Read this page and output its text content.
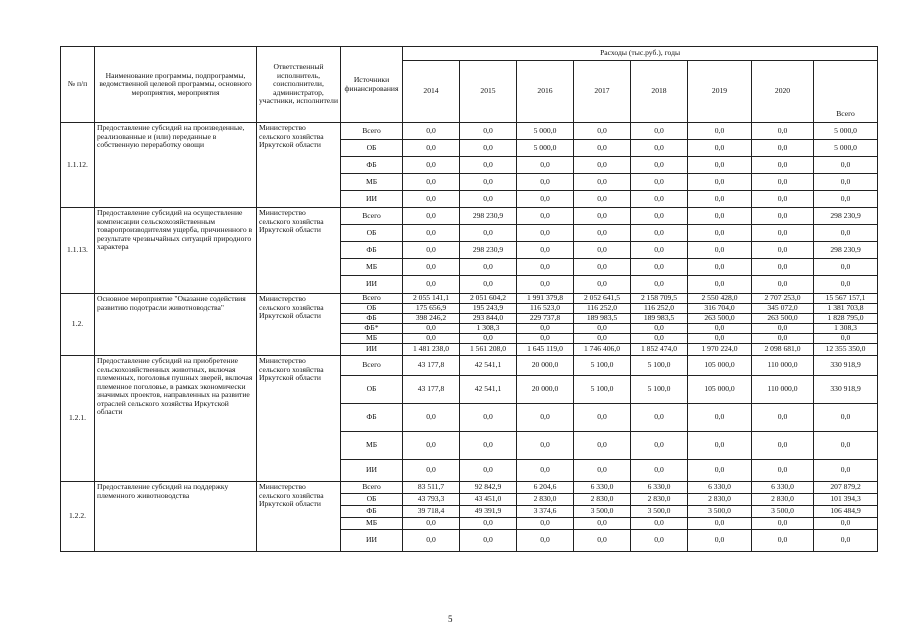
№ п/п	Наименование программы, подпрограммы, ведомственной целевой программы, основного мероприятия, мероприятия	Ответственный исполнитель, соисполнители, администратор, участники, исполнители	Источники финансирования	Расходы (тыс.руб.), годы							
				2014	2015	2016	2017	2018	2019	2020	Всего
1.1.12.	Предоставление субсидий на произведенные, реализованные и (или) переданные в собственную переработку овощи	Министерство сельского хозяйства Иркутской области	Всего	0,0	0,0	5 000,0	0,0	0,0	0,0	0,0	5 000,0
			ОБ	0,0	0,0	5 000,0	0,0	0,0	0,0	0,0	5 000,0
			ФБ	0,0	0,0	0,0	0,0	0,0	0,0	0,0	0,0
			МБ	0,0	0,0	0,0	0,0	0,0	0,0	0,0	0,0
			ИИ	0,0	0,0	0,0	0,0	0,0	0,0	0,0	0,0
1.1.13.	Предоставление субсидий на осуществление компенсации сельскохозяйственным товаропроизводителям ущерба, причиненного в результате чрезвычайных ситуаций природного характера	Министерство сельского хозяйства Иркутской области	Всего	0,0	298 230,9	0,0	0,0	0,0	0,0	0,0	298 230,9
			ОБ	0,0	0,0	0,0	0,0	0,0	0,0	0,0	0,0
			ФБ	0,0	298 230,9	0,0	0,0	0,0	0,0	0,0	298 230,9
			МБ	0,0	0,0	0,0	0,0	0,0	0,0	0,0	0,0
			ИИ	0,0	0,0	0,0	0,0	0,0	0,0	0,0	0,0
1.2.	Основное мероприятие "Оказание содействия развитию подотрасли животноводства"	Министерство сельского хозяйства Иркутской области	Всего	2 055 141,1	2 051 604,2	1 991 379,8	2 052 641,5	2 158 709,5	2 550 428,0	2 707 253,0	15 567 157,1
			ОБ	175 656,9	195 243,9	116 523,0	116 252,0	116 252,0	316 704,0	345 072,0	1 381 703,8
			ФБ	398 246,2	293 844,0	229 737,8	189 983,5	189 983,5	263 500,0	263 500,0	1 828 795,0
			ФБ*	0,0	1 308,3	0,0	0,0	0,0	0,0	0,0	1 308,3
			МБ	0,0	0,0	0,0	0,0	0,0	0,0	0,0	0,0
			ИИ	1 481 238,0	1 561 208,0	1 645 119,0	1 746 406,0	1 852 474,0	1 970 224,0	2 098 681,0	12 355 350,0
1.2.1.	Предоставление субсидий на приобретение сельскохозяйственных животных, включая племенных, поголовья пушных зверей, включая племенное поголовье, в рамках экономически значимых проектов, направленных на развитие отраслей сельского хозяйства Иркутской области	Министерство сельского хозяйства Иркутской области	Всего	43 177,8	42 541,1	20 000,0	5 100,0	5 100,0	105 000,0	110 000,0	330 918,9
			ОБ	43 177,8	42 541,1	20 000,0	5 100,0	5 100,0	105 000,0	110 000,0	330 918,9
			ФБ	0,0	0,0	0,0	0,0	0,0	0,0	0,0	0,0
			МБ	0,0	0,0	0,0	0,0	0,0	0,0	0,0	0,0
			ИИ	0,0	0,0	0,0	0,0	0,0	0,0	0,0	0,0
1.2.2.	Предоставление субсидий на поддержку племенного животноводства	Министерство сельского хозяйства Иркутской области	Всего	83 511,7	92 842,9	6 204,6	6 330,0	6 330,0	6 330,0	6 330,0	207 879,2
			ОБ	43 793,3	43 451,0	2 830,0	2 830,0	2 830,0	2 830,0	2 830,0	101 394,3
			ФБ	39 718,4	49 391,9	3 374,6	3 500,0	3 500,0	3 500,0	3 500,0	106 484,9
			МБ	0,0	0,0	0,0	0,0	0,0	0,0	0,0	0,0
			ИИ	0,0	0,0	0,0	0,0	0,0	0,0	0,0	0,0
5
